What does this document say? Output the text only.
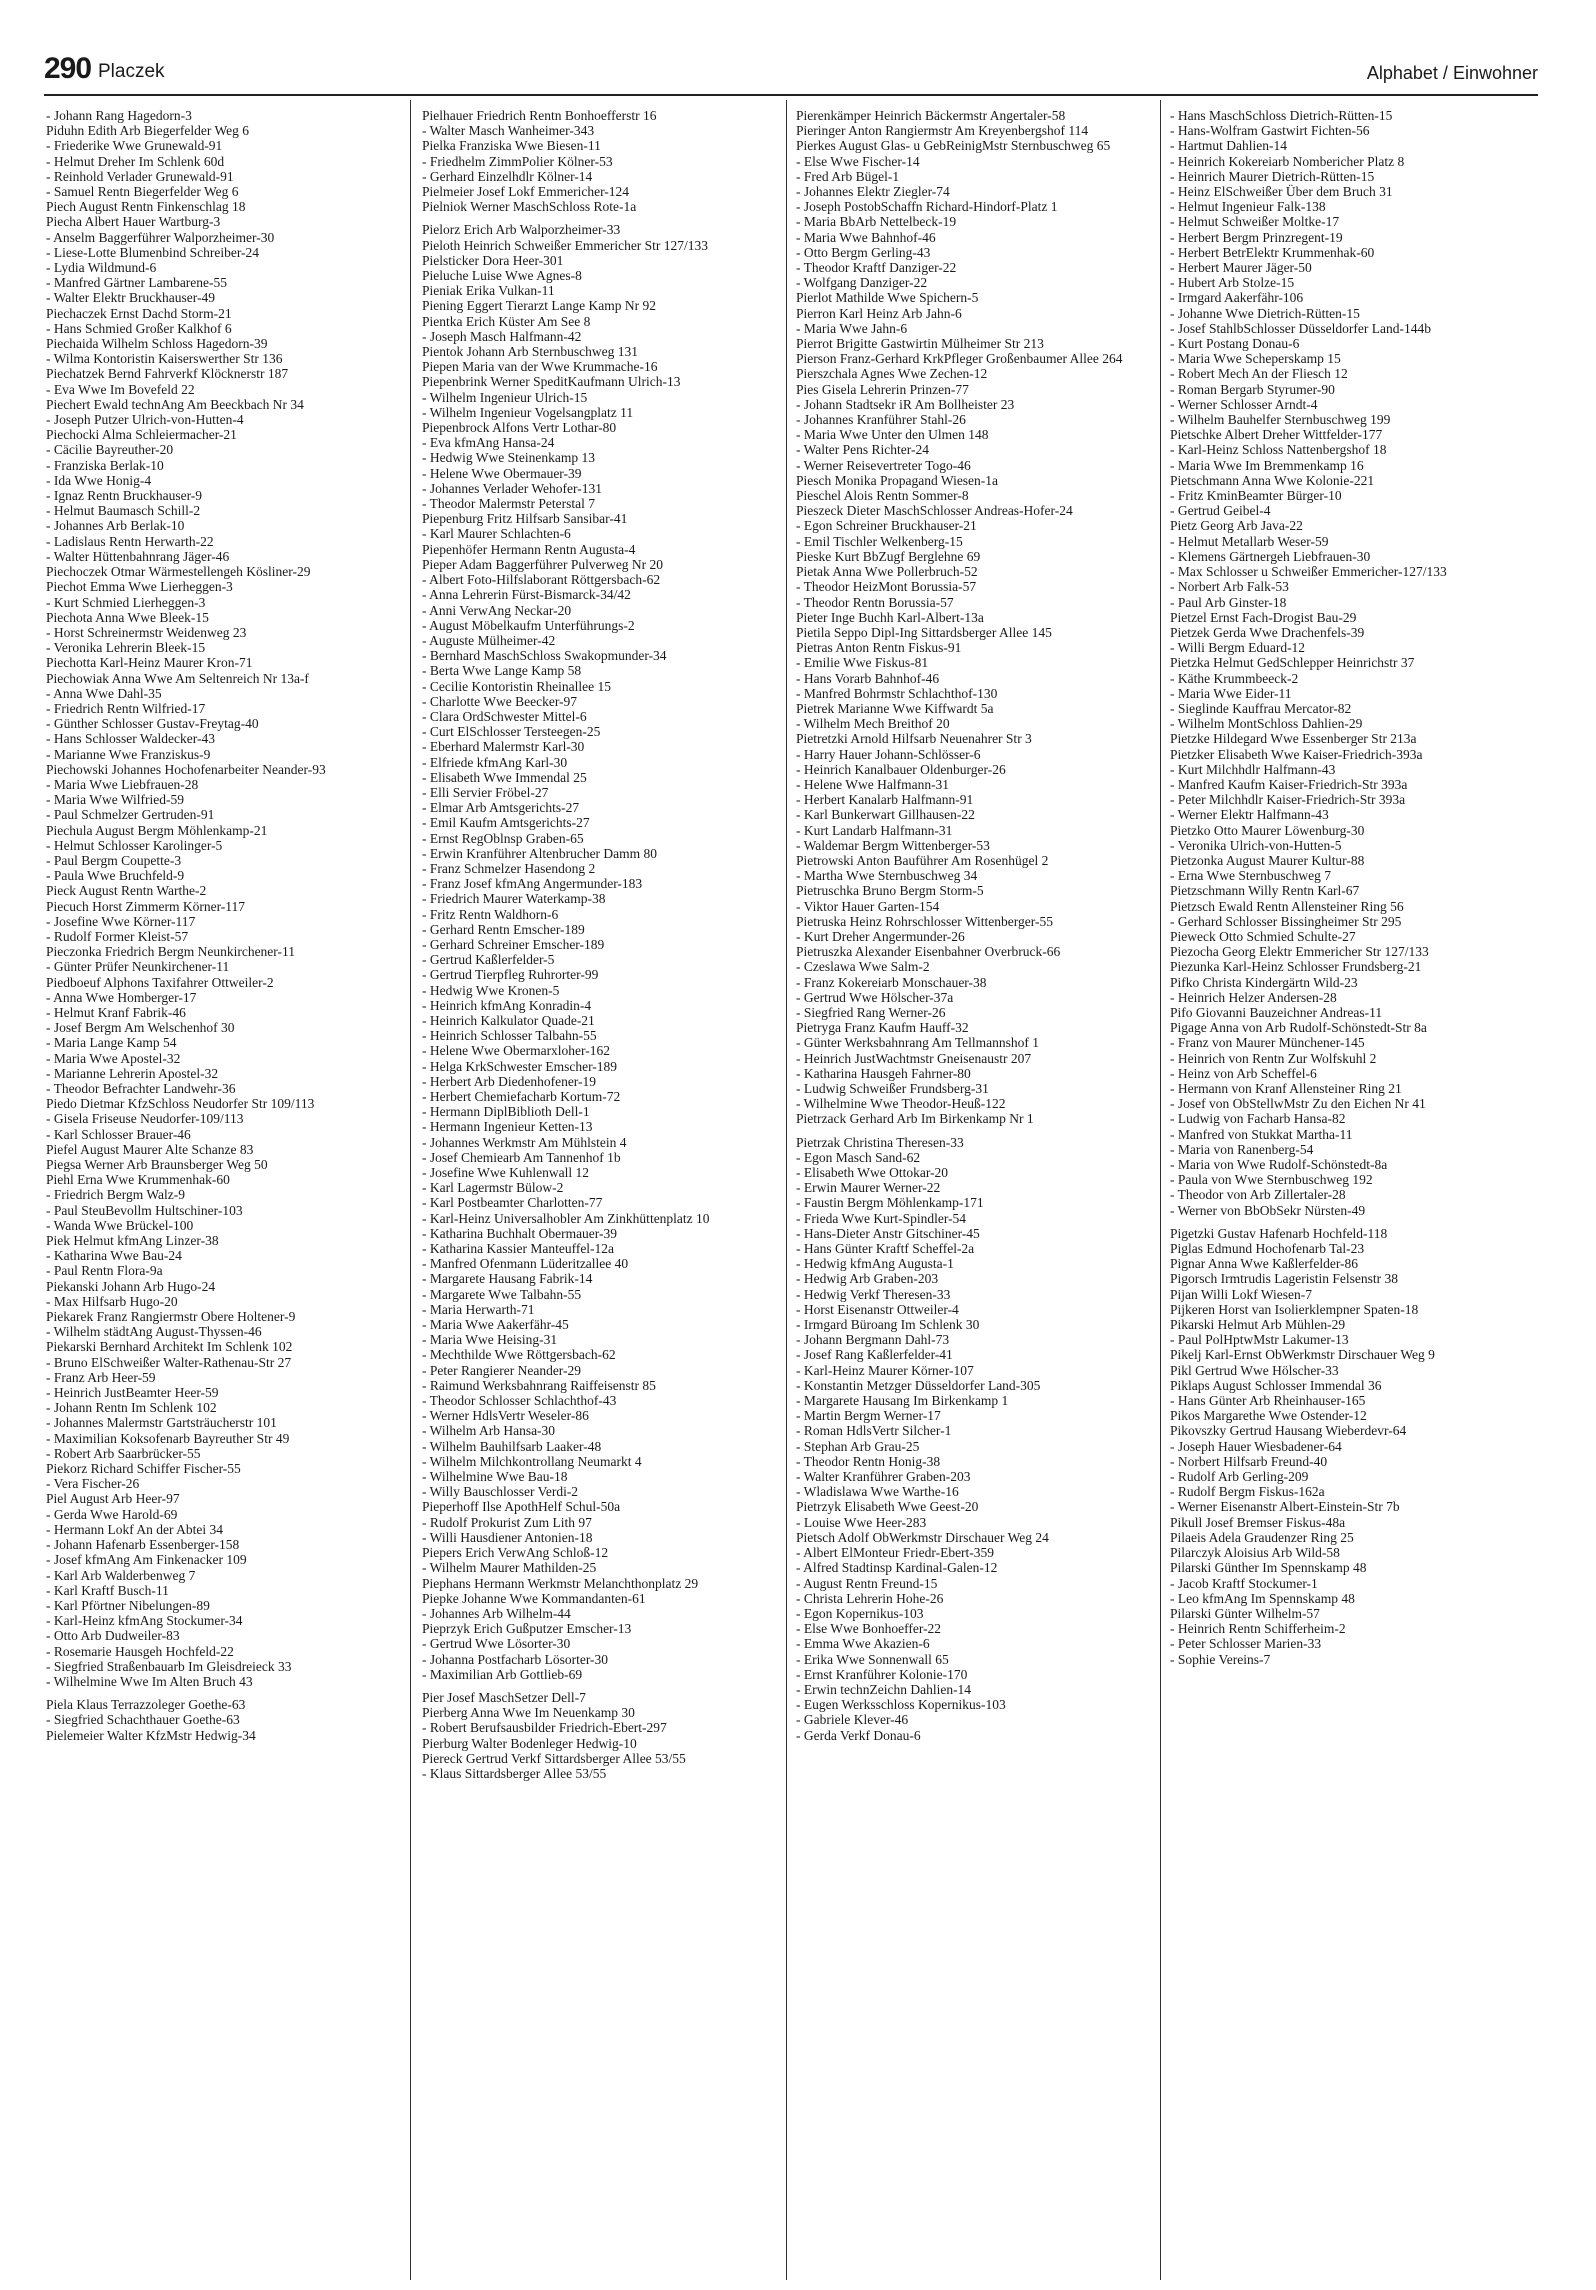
290 Placzek	Alphabet / Einwohner

- Johann Rang Hagedorn-3

Piduhn Edith Arb Biegerfelder Weg 6

- Friederike Wwe Grunewald-91

- Helmut Dreher Im Schlenk 60d

- Reinhold Verlader Grunewald-91

- Samuel Rentn Biegerfelder Weg 6

Piech August Rentn Finkenschlag 18

Piecha Albert Hauer Wartburg-3

- Anselm Baggerführer Walporzheimer-30

- Liese-Lotte Blumenbind Schreiber-24

- Lydia Wildmund-6

- Manfred Gärtner Lambarene-55

- Walter Elektr Bruckhauser-49

Piechaczek Ernst Dachd Storm-21

- Hans Schmied Großer Kalkhof 6

Piechaida Wilhelm Schloss Hagedorn-39

- Wilma Kontoristin Kaiserswerther Str 136

Piechatzek Bernd Fahrverkf Klöcknerstr 187

- Eva Wwe Im Bovefeld 22

Piechert Ewald technAng Am Beeckbach Nr 34

- Joseph Putzer Ulrich-von-Hutten-4

Piechocki Alma Schleiermacher-21

- Cäcilie Bayreuther-20

- Franziska Berlak-10

- Ida Wwe Honig-4

- Ignaz Rentn Bruckhauser-9

- Helmut Baumasch Schill-2

- Johannes Arb Berlak-10

- Ladislaus Rentn Herwarth-22

- Walter Hüttenbahnrang Jäger-46

Piechoczek Otmar Wärmestellengeh Kösliner-29

Piechot Emma Wwe Lierheggen-3

- Kurt Schmied Lierheggen-3

Piechota Anna Wwe Bleek-15

- Horst Schreinermstr Weidenweg 23

- Veronika Lehrerin Bleek-15

Piechotta Karl-Heinz Maurer Kron-71

Piechowiak Anna Wwe Am Seltenreich Nr 13a-f

- Anna Wwe Dahl-35

- Friedrich Rentn Wilfried-17

- Günther Schlosser Gustav-Freytag-40

- Hans Schlosser Waldecker-43

- Marianne Wwe Franziskus-9

Piechowski Johannes Hochofenarbeiter Neander-93

- Maria Wwe Liebfrauen-28

- Maria Wwe Wilfried-59

- Paul Schmelzer Gertruden-91

Piechula August Bergm Möhlenkamp-21

- Helmut Schlosser Karolinger-5

- Paul Bergm Coupette-3

- Paula Wwe Bruchfeld-9

Pieck August Rentn Warthe-2

Piecuch Horst Zimmerm Körner-117

- Josefine Wwe Körner-117

- Rudolf Former Kleist-57

Pieczonka Friedrich Bergm Neunkirchener-11

- Günter Prüfer Neunkirchener-11

Piedboeuf Alphons Taxifahrer Ottweiler-2

- Anna Wwe Homberger-17

- Helmut Kranf Fabrik-46

- Josef Bergm Am Welschenhof 30

- Maria Lange Kamp 54

- Maria Wwe Apostel-32

- Marianne Lehrerin Apostel-32

- Theodor Befrachter Landwehr-36

Piedo Dietmar KfzSchloss Neudorfer Str 109/113

- Gisela Friseuse Neudorfer-109/113

- Karl Schlosser Brauer-46

Piefel August Maurer Alte Schanze 83

Piegsa Werner Arb Braunsberger Weg 50

Piehl Erna Wwe Krummenhak-60

- Friedrich Bergm Walz-9

- Paul SteuBevollm Hultschiner-103

- Wanda Wwe Brückel-100

Piek Helmut kfmAng Linzer-38

- Katharina Wwe Bau-24

- Paul Rentn Flora-9a

Piekanski Johann Arb Hugo-24

- Max Hilfsarb Hugo-20

Piekarek Franz Rangiermstr Obere Holtener-9

- Wilhelm städtAng August-Thyssen-46

Piekarski Bernhard Architekt Im Schlenk 102

- Bruno ElSchweißer Walter-Rathenau-Str 27

- Franz Arb Heer-59

- Heinrich JustBeamter Heer-59

- Johann Rentn Im Schlenk 102

- Johannes Malermstr Gartsträucherstr 101

- Maximilian Koksofenarb Bayreuther Str 49

- Robert Arb Saarbrücker-55

Piekorz Richard Schiffer Fischer-55

- Vera Fischer-26

Piel August Arb Heer-97

- Gerda Wwe Harold-69

- Hermann Lokf An der Abtei 34

- Johann Hafenarb Essenberger-158

- Josef kfmAng Am Finkenacker 109

- Karl Arb Walderbenweg 7

- Karl Kraftf Busch-11

- Karl Pförtner Nibelungen-89

- Karl-Heinz kfmAng Stockumer-34

- Otto Arb Dudweiler-83

- Rosemarie Hausgeh Hochfeld-22

- Siegfried Straßenbauarb Im Gleisdreieck 33

- Wilhelmine Wwe Im Alten Bruch 43

Piela Klaus Terrazzoleger Goethe-63

- Siegfried Schachthauer Goethe-63

Pielemeier Walter KfzMstr Hedwig-34

Pielhauer Friedrich Rentn Bonhoefferstr 16

- Walter Masch Wanheimer-343

Pielka Franziska Wwe Biesen-11

- Friedhelm ZimmPolier Kölner-53

- Gerhard Einzelhdlr Kölner-14

Pielmeier Josef Lokf Emmericher-124

Pielniok Werner MaschSchloss Rote-1a

Pielorz Erich Arb Walporzheimer-33

Pieloth Heinrich Schweißer Emmericher Str 127/133

Pielsticker Dora Heer-301

Pieluche Luise Wwe Agnes-8

Pieniak Erika Vulkan-11

Piening Eggert Tierarzt Lange Kamp Nr 92

Pientka Erich Küster Am See 8

- Joseph Masch Halfmann-42

Pientok Johann Arb Sternbuschweg 131

Piepen Maria van der Wwe Krummache-16

Piepenbrink Werner SpeditKaufmann Ulrich-13

- Wilhelm Ingenieur Ulrich-15

- Wilhelm Ingenieur Vogelsangplatz 11

Piepenbrock Alfons Vertr Lothar-80

- Eva kfmAng Hansa-24

- Hedwig Wwe Steinenkamp 13

- Helene Wwe Obermauer-39

- Johannes Verlader Wehofer-131

- Theodor Malermstr Peterstal 7

Piepenburg Fritz Hilfsarb Sansibar-41

- Karl Maurer Schlachten-6

Piepenhöfer Hermann Rentn Augusta-4

Pieper Adam Baggerführer Pulverweg Nr 20

- Albert Foto-Hilfslaborant Röttgersbach-62

- Anna Lehrerin Fürst-Bismarck-34/42

- Anni VerwAng Neckar-20

- August Möbelkaufm Unterführungs-2

- Auguste Mülheimer-42

- Bernhard MaschSchloss Swakopmunder-34

- Berta Wwe Lange Kamp 58

- Cecilie Kontoristin Rheinallee 15

- Charlotte Wwe Beecker-97

- Clara OrdSchwester Mittel-6

- Curt ElSchlosser Tersteegen-25

- Eberhard Malermstr Karl-30

- Elfriede kfmAng Karl-30

- Elisabeth Wwe Immendal 25

- Elli Servier Fröbel-27

- Elmar Arb Amtsgerichts-27

- Emil Kaufm Amtsgerichts-27

- Ernst RegOblnsp Graben-65

- Erwin Kranführer Altenbrucher Damm 80

- Franz Schmelzer Hasendong 2

- Franz Josef kfmAng Angermunder-183

- Friedrich Maurer Waterkamp-38

- Fritz Rentn Waldhorn-6

- Gerhard Rentn Emscher-189

- Gerhard Schreiner Emscher-189

- Gertrud Kaßlerfelder-5

- Gertrud Tierpfleg Ruhrorter-99

- Hedwig Wwe Kronen-5

- Heinrich kfmAng Konradin-4

- Heinrich Kalkulator Quade-21

- Heinrich Schlosser Talbahn-55

- Helene Wwe Obermarxloher-162

- Helga KrkSchwester Emscher-189

- Herbert Arb Diedenhofener-19

- Herbert Chemiefacharb Kortum-72

- Hermann DiplBiblioth Dell-1

- Hermann Ingenieur Ketten-13

- Johannes Werkmstr Am Mühlstein 4

- Josef Chemiearb Am Tannenhof 1b

- Josefine Wwe Kuhlenwall 12

- Karl Lagermstr Bülow-2

- Karl Postbeamter Charlotten-77

- Karl-Heinz Universalhobler Am Zinkhüttenplatz 10

- Katharina Buchhalt Obermauer-39

- Katharina Kassier Manteuffel-12a

- Manfred Ofenmann Lüderitzallee 40

- Margarete Hausang Fabrik-14

- Margarete Wwe Talbahn-55

- Maria Herwarth-71

- Maria Wwe Aakerfähr-45

- Maria Wwe Heising-31

- Mechthilde Wwe Röttgersbach-62

- Peter Rangierer Neander-29

- Raimund Werksbahnrang Raiffeisenstr 85

- Theodor Schlosser Schlachthof-43

- Werner HdlsVertr Weseler-86

- Wilhelm Arb Hansa-30

- Wilhelm Bauhilfsarb Laaker-48

- Wilhelm Milchkontrollang Neumarkt 4

- Wilhelmine Wwe Bau-18

- Willy Bauschlosser Verdi-2

Pieperhoff Ilse ApothHelf Schul-50a

- Rudolf Prokurist Zum Lith 97

- Willi Hausdiener Antonien-18

Piepers Erich VerwAng Schloß-12

- Wilhelm Maurer Mathilden-25

Piephans Hermann Werkmstr Melanchthonplatz 29

Piepke Johanne Wwe Kommandanten-61

- Johannes Arb Wilhelm-44

Pieprzyk Erich Gußputzer Emscher-13

- Gertrud Wwe Lösorter-30

- Johanna Postfacharb Lösorter-30

- Maximilian Arb Gottlieb-69

Pier Josef MaschSetzer Dell-7

Pierberg Anna Wwe Im Neuenkamp 30

- Robert Berufsausbilder Friedrich-Ebert-297

Pierburg Walter Bodenleger Hedwig-10

Piereck Gertrud Verkf Sittardsberger Allee 53/55

- Klaus Sittardsberger Allee 53/55

Pierenkämper Heinrich Bäckermstr Angertaler-58

Pieringer Anton Rangiermstr Am Kreyenbergshof 114

Pierkes August Glas- u GebReinigMstr Sternbuschweg 65

- Else Wwe Fischer-14

- Fred Arb Bügel-1

- Johannes Elektr Ziegler-74

- Joseph PostobSchaffn Richard-Hindorf-Platz 1

- Maria BbArb Nettelbeck-19

- Maria Wwe Bahnhof-46

- Otto Bergm Gerling-43

- Theodor Kraftf Danziger-22

- Wolfgang Danziger-22

Pierlot Mathilde Wwe Spichern-5

Pierron Karl Heinz Arb Jahn-6

- Maria Wwe Jahn-6

Pierrot Brigitte Gastwirtin Mülheimer Str 213

Pierson Franz-Gerhard KrkPfleger Großenbaumer Allee 264

Pierszchala Agnes Wwe Zechen-12

Pies Gisela Lehrerin Prinzen-77

- Johann Stadtsekr iR Am Bollheister 23

- Johannes Kranführer Stahl-26

- Maria Wwe Unter den Ulmen 148

- Walter Pens Richter-24

- Werner Reisevertreter Togo-46

Piesch Monika Propagand Wiesen-1a

Pieschel Alois Rentn Sommer-8

Pieszeck Dieter MaschSchlosser Andreas-Hofer-24

- Egon Schreiner Bruckhauser-21

- Emil Tischler Welkenberg-15

Pieske Kurt BbZugf Berglehne 69

Pietak Anna Wwe Pollerbruch-52

- Theodor HeizMont Borussia-57

- Theodor Rentn Borussia-57

Pieter Inge Buchh Karl-Albert-13a

Pietila Seppo Dipl-Ing Sittardsberger Allee 145

Pietras Anton Rentn Fiskus-91

- Emilie Wwe Fiskus-81

- Hans Vorarb Bahnhof-46

- Manfred Bohrmstr Schlachthof-130

Pietrek Marianne Wwe Kiffwardt 5a

- Wilhelm Mech Breithof 20

Pietretzki Arnold Hilfsarb Neuenahrer Str 3

- Harry Hauer Johann-Schlösser-6

- Heinrich Kanalbauer Oldenburger-26

- Helene Wwe Halfmann-31

- Herbert Kanalarb Halfmann-91

- Karl Bunkerwart Gillhausen-22

- Kurt Landarb Halfmann-31

- Waldemar Bergm Wittenberger-53

Pietrowski Anton Bauführer Am Rosenhügel 2

- Martha Wwe Sternbuschweg 34

Pietruschka Bruno Bergm Storm-5

- Viktor Hauer Garten-154

Pietruska Heinz Rohrschlosser Wittenberger-55

- Kurt Dreher Angermunder-26

Pietruszka Alexander Eisenbahner Overbruck-66

- Czeslawa Wwe Salm-2

- Franz Kokereiarb Monschauer-38

- Gertrud Wwe Hölscher-37a

- Siegfried Rang Werner-26

Pietryga Franz Kaufm Hauff-32

- Günter Werksbahnrang Am Tellmannshof 1

- Heinrich JustWachtmstr Gneisenaustr 207

- Katharina Hausgeh Fahrner-80

- Ludwig Schweißer Frundsberg-31

- Wilhelmine Wwe Theodor-Heuß-122

Pietrzack Gerhard Arb Im Birkenkamp Nr 1

Pietrzak Christina Theresen-33

- Egon Masch Sand-62

- Elisabeth Wwe Ottokar-20

- Erwin Maurer Werner-22

- Faustin Bergm Möhlenkamp-171

- Frieda Wwe Kurt-Spindler-54

- Hans-Dieter Anstr Gitschiner-45

- Hans Günter Kraftf Scheffel-2a

- Hedwig kfmAng Augusta-1

- Hedwig Arb Graben-203

- Hedwig Verkf Theresen-33

- Horst Eisenanstr Ottweiler-4

- Irmgard Büroang Im Schlenk 30

- Johann Bergmann Dahl-73

- Josef Rang Kaßlerfelder-41

- Karl-Heinz Maurer Körner-107

- Konstantin Metzger Düsseldorfer Land-305

- Margarete Hausang Im Birkenkamp 1

- Martin Bergm Werner-17

- Roman HdlsVertr Silcher-1

- Stephan Arb Grau-25

- Theodor Rentn Honig-38

- Walter Kranführer Graben-203

- Wladislawa Wwe Warthe-16

Pietrzyk Elisabeth Wwe Geest-20

- Louise Wwe Heer-283

Pietsch Adolf ObWerkmstr Dirschauer Weg 24

- Albert ElMonteur Friedr-Ebert-359

- Alfred Stadtinsp Kardinal-Galen-12

- August Rentn Freund-15

- Christa Lehrerin Hohe-26

- Egon Kopernikus-103

- Else Wwe Bonhoeffer-22

- Emma Wwe Akazien-6

- Erika Wwe Sonnenwall 65

- Ernst Kranführer Kolonie-170

- Erwin technZeichn Dahlien-14

- Eugen Werksschloss Kopernikus-103

- Gabriele Klever-46

- Gerda Verkf Donau-6

- Hans MaschSchloss Dietrich-Rütten-15

- Hans-Wolfram Gastwirt Fichten-56

- Hartmut Dahlien-14

- Heinrich Kokereiarb Nombericher Platz 8

- Heinrich Maurer Dietrich-Rütten-15

- Heinz ElSchweißer Über dem Bruch 31

- Helmut Ingenieur Falk-138

- Helmut Schweißer Moltke-17

- Herbert Bergm Prinzregent-19

- Herbert BetrElektr Krummenhak-60

- Herbert Maurer Jäger-50

- Hubert Arb Stolze-15

- Irmgard Aakerfähr-106

- Johanne Wwe Dietrich-Rütten-15

- Josef StahlbSchlosser Düsseldorfer Land-144b

- Kurt Postang Donau-6

- Maria Wwe Scheperskamp 15

- Robert Mech An der Fliesch 12

- Roman Bergarb Styrumer-90

- Werner Schlosser Arndt-4

- Wilhelm Bauhelfer Sternbuschweg 199

Pietschke Albert Dreher Wittfelder-177

- Karl-Heinz Schloss Nattenbergshof 18

- Maria Wwe Im Bremmenkamp 16

Pietschmann Anna Wwe Kolonie-221

- Fritz KminBeamter Bürger-10

- Gertrud Geibel-4

Pietz Georg Arb Java-22

- Helmut Metallarb Weser-59

- Klemens Gärtnergeh Liebfrauen-30

- Max Schlosser u Schweißer Emmericher-127/133

- Norbert Arb Falk-53

- Paul Arb Ginster-18

Pietzel Ernst Fach-Drogist Bau-29

Pietzek Gerda Wwe Drachenfels-39

- Willi Bergm Eduard-12

Pietzka Helmut GedSchlepper Heinrichstr 37

- Käthe Krummbeeck-2

- Maria Wwe Eider-11

- Sieglinde Kauffrau Mercator-82

- Wilhelm MontSchloss Dahlien-29

Pietzke Hildegard Wwe Essenberger Str 213a

Pietzker Elisabeth Wwe Kaiser-Friedrich-393a

- Kurt Milchhdlr Halfmann-43

- Manfred Kaufm Kaiser-Friedrich-Str 393a

- Peter Milchhdlr Kaiser-Friedrich-Str 393a

- Werner Elektr Halfmann-43

Pietzko Otto Maurer Löwenburg-30

- Veronika Ulrich-von-Hutten-5

Pietzonka August Maurer Kultur-88

- Erna Wwe Sternbuschweg 7

Pietzschmann Willy Rentn Karl-67

Pietzsch Ewald Rentn Allensteiner Ring 56

- Gerhard Schlosser Bissingheimer Str 295

Pieweck Otto Schmied Schulte-27

Piezocha Georg Elektr Emmericher Str 127/133

Piezunka Karl-Heinz Schlosser Frundsberg-21

Pifko Christa Kindergärtn Wild-23

- Heinrich Helzer Andersen-28

Pifo Giovanni Bauzeichner Andreas-11

Pigage Anna von Arb Rudolf-Schönstedt-Str 8a

- Franz von Maurer Münchener-145

- Heinrich von Rentn Zur Wolfskuhl 2

- Heinz von Arb Scheffel-6

- Hermann von Kranf Allensteiner Ring 21

- Josef von ObStellwMstr Zu den Eichen Nr 41

- Ludwig von Facharb Hansa-82

- Manfred von Stukkat Martha-11

- Maria von Ranenberg-54

- Maria von Wwe Rudolf-Schönstedt-8a

- Paula von Wwe Sternbuschweg 192

- Theodor von Arb Zillertaler-28

- Werner von BbObSekr Nürsten-49

Pigetzki Gustav Hafenarb Hochfeld-118

Piglas Edmund Hochofenarb Tal-23

Pignar Anna Wwe Kaßlerfelder-86

Pigorsch Irmtrudis Lageristin Felsenstr 38

Pijan Willi Lokf Wiesen-7

Pijkeren Horst van Isolierklempner Spaten-18

Pikarski Helmut Arb Mühlen-29

- Paul PolHptwMstr Lakumer-13

Pikelj Karl-Ernst ObWerkmstr Dirschauer Weg 9

Pikl Gertrud Wwe Hölscher-33

Piklaps August Schlosser Immendal 36

- Hans Günter Arb Rheinhauser-165

Pikos Margarethe Wwe Ostender-12

Pikovszky Gertrud Hausang Wieberdevr-64

- Joseph Hauer Wiesbadener-64

- Norbert Hilfsarb Freund-40

- Rudolf Arb Gerling-209

- Rudolf Bergm Fiskus-162a

- Werner Eisenanstr Albert-Einstein-Str 7b

Pikull Josef Bremser Fiskus-48a

Pilaeis Adela Graudenzer Ring 25

Pilarczyk Aloisius Arb Wild-58

Pilarski Günther Im Spennskamp 48

- Jacob Kraftf Stockumer-1

- Leo kfmAng Im Spennskamp 48

Pilarski Günter Wilhelm-57

- Heinrich Rentn Schifferheim-2

- Peter Schlosser Marien-33

- Sophie Vereins-7
